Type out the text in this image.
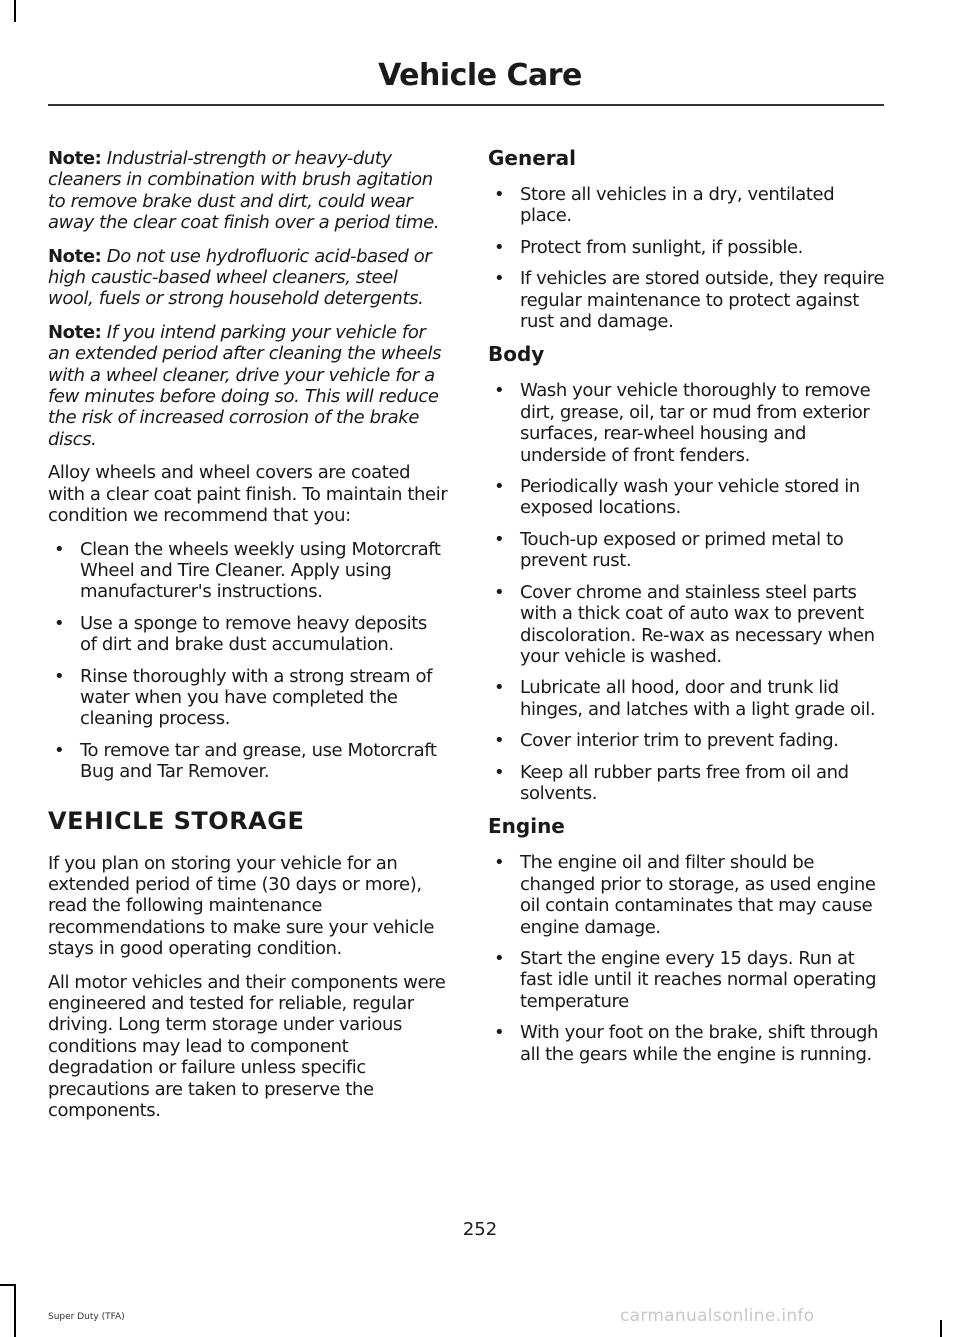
Vehicle Care

Note: Industrial-strength or heavy-duty cleaners in combination with brush agitation to remove brake dust and dirt, could wear away the clear coat finish over a period time.

Note: Do not use hydrofluoric acid-based or high caustic-based wheel cleaners, steel wool, fuels or strong household detergents.

Note: If you intend parking your vehicle for an extended period after cleaning the wheels with a wheel cleaner, drive your vehicle for a few minutes before doing so. This will reduce the risk of increased corrosion of the brake discs.

Alloy wheels and wheel covers are coated with a clear coat paint finish. To maintain their condition we recommend that you:

• Clean the wheels weekly using Motorcraft Wheel and Tire Cleaner. Apply using manufacturer's instructions.
• Use a sponge to remove heavy deposits of dirt and brake dust accumulation.
• Rinse thoroughly with a strong stream of water when you have completed the cleaning process.
• To remove tar and grease, use Motorcraft Bug and Tar Remover.
VEHICLE STORAGE

If you plan on storing your vehicle for an extended period of time (30 days or more), read the following maintenance recommendations to make sure your vehicle stays in good operating condition.

All motor vehicles and their components were engineered and tested for reliable, regular driving. Long term storage under various conditions may lead to component degradation or failure unless specific precautions are taken to preserve the components.

General
• Store all vehicles in a dry, ventilated place.
• Protect from sunlight, if possible.
• If vehicles are stored outside, they require regular maintenance to protect against rust and damage.
Body
• Wash your vehicle thoroughly to remove dirt, grease, oil, tar or mud from exterior surfaces, rear-wheel housing and underside of front fenders.
• Periodically wash your vehicle stored in exposed locations.
• Touch-up exposed or primed metal to prevent rust.
• Cover chrome and stainless steel parts with a thick coat of auto wax to prevent discoloration. Re-wax as necessary when your vehicle is washed.
• Lubricate all hood, door and trunk lid hinges, and latches with a light grade oil.
• Cover interior trim to prevent fading.
• Keep all rubber parts free from oil and solvents.
Engine
• The engine oil and filter should be changed prior to storage, as used engine oil contain contaminates that may cause engine damage.
• Start the engine every 15 days. Run at fast idle until it reaches normal operating temperature
• With your foot on the brake, shift through all the gears while the engine is running.
252
Super Duty (TFA)	carmanualsonline.info
